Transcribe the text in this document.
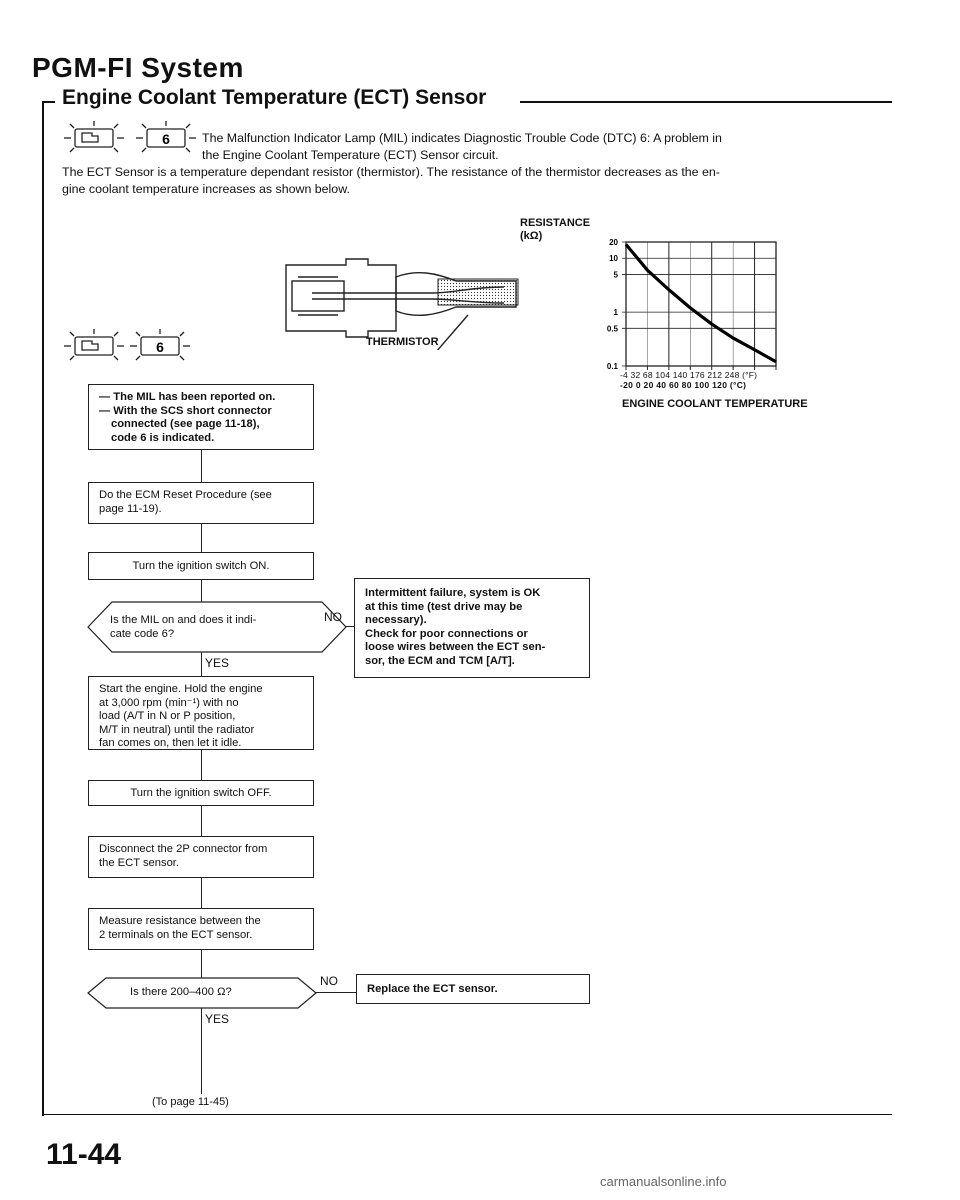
PGM-FI System
Engine Coolant Temperature (ECT) Sensor
6	The Malfunction Indicator Lamp (MIL) indicates Diagnostic Trouble Code (DTC) 6: A problem in
the Engine Coolant Temperature (ECT) Sensor circuit.
The ECT Sensor is a temperature dependant resistor (thermistor). The resistance of the thermistor decreases as the en-
gine coolant temperature increases as shown below.
THERMISTOR
6
RESISTANCE
(kΩ)
20
10
5
1
0.5
0.1
-4 32 68 104 140 176 212 248 (°F)
-20 0 20 40 60 80 100 120 (°C)
ENGINE COOLANT TEMPERATURE
— The MIL has been reported on.
— With the SCS short connector
connected (see page 11-18),
code 6 is indicated.
Do the ECM Reset Procedure (see
page 11-19).
Turn the ignition switch ON.
Is the MIL on and does it indi-
cate code 6?
NO
YES
Intermittent failure, system is OK
at this time (test drive may be
necessary).
Check for poor connections or
loose wires between the ECT sen-
sor, the ECM and TCM [A/T].
Start the engine. Hold the engine
at 3,000 rpm (min⁻¹) with no
load (A/T in N or P position,
M/T in neutral) until the radiator
fan comes on, then let it idle.
Turn the ignition switch OFF.
Disconnect the 2P connector from
the ECT sensor.
Measure resistance between the
2 terminals on the ECT sensor.
Is there 200–400 Ω?
NO
Replace the ECT sensor.
YES
(To page 11-45)
11-44
carmanualsonline.info
